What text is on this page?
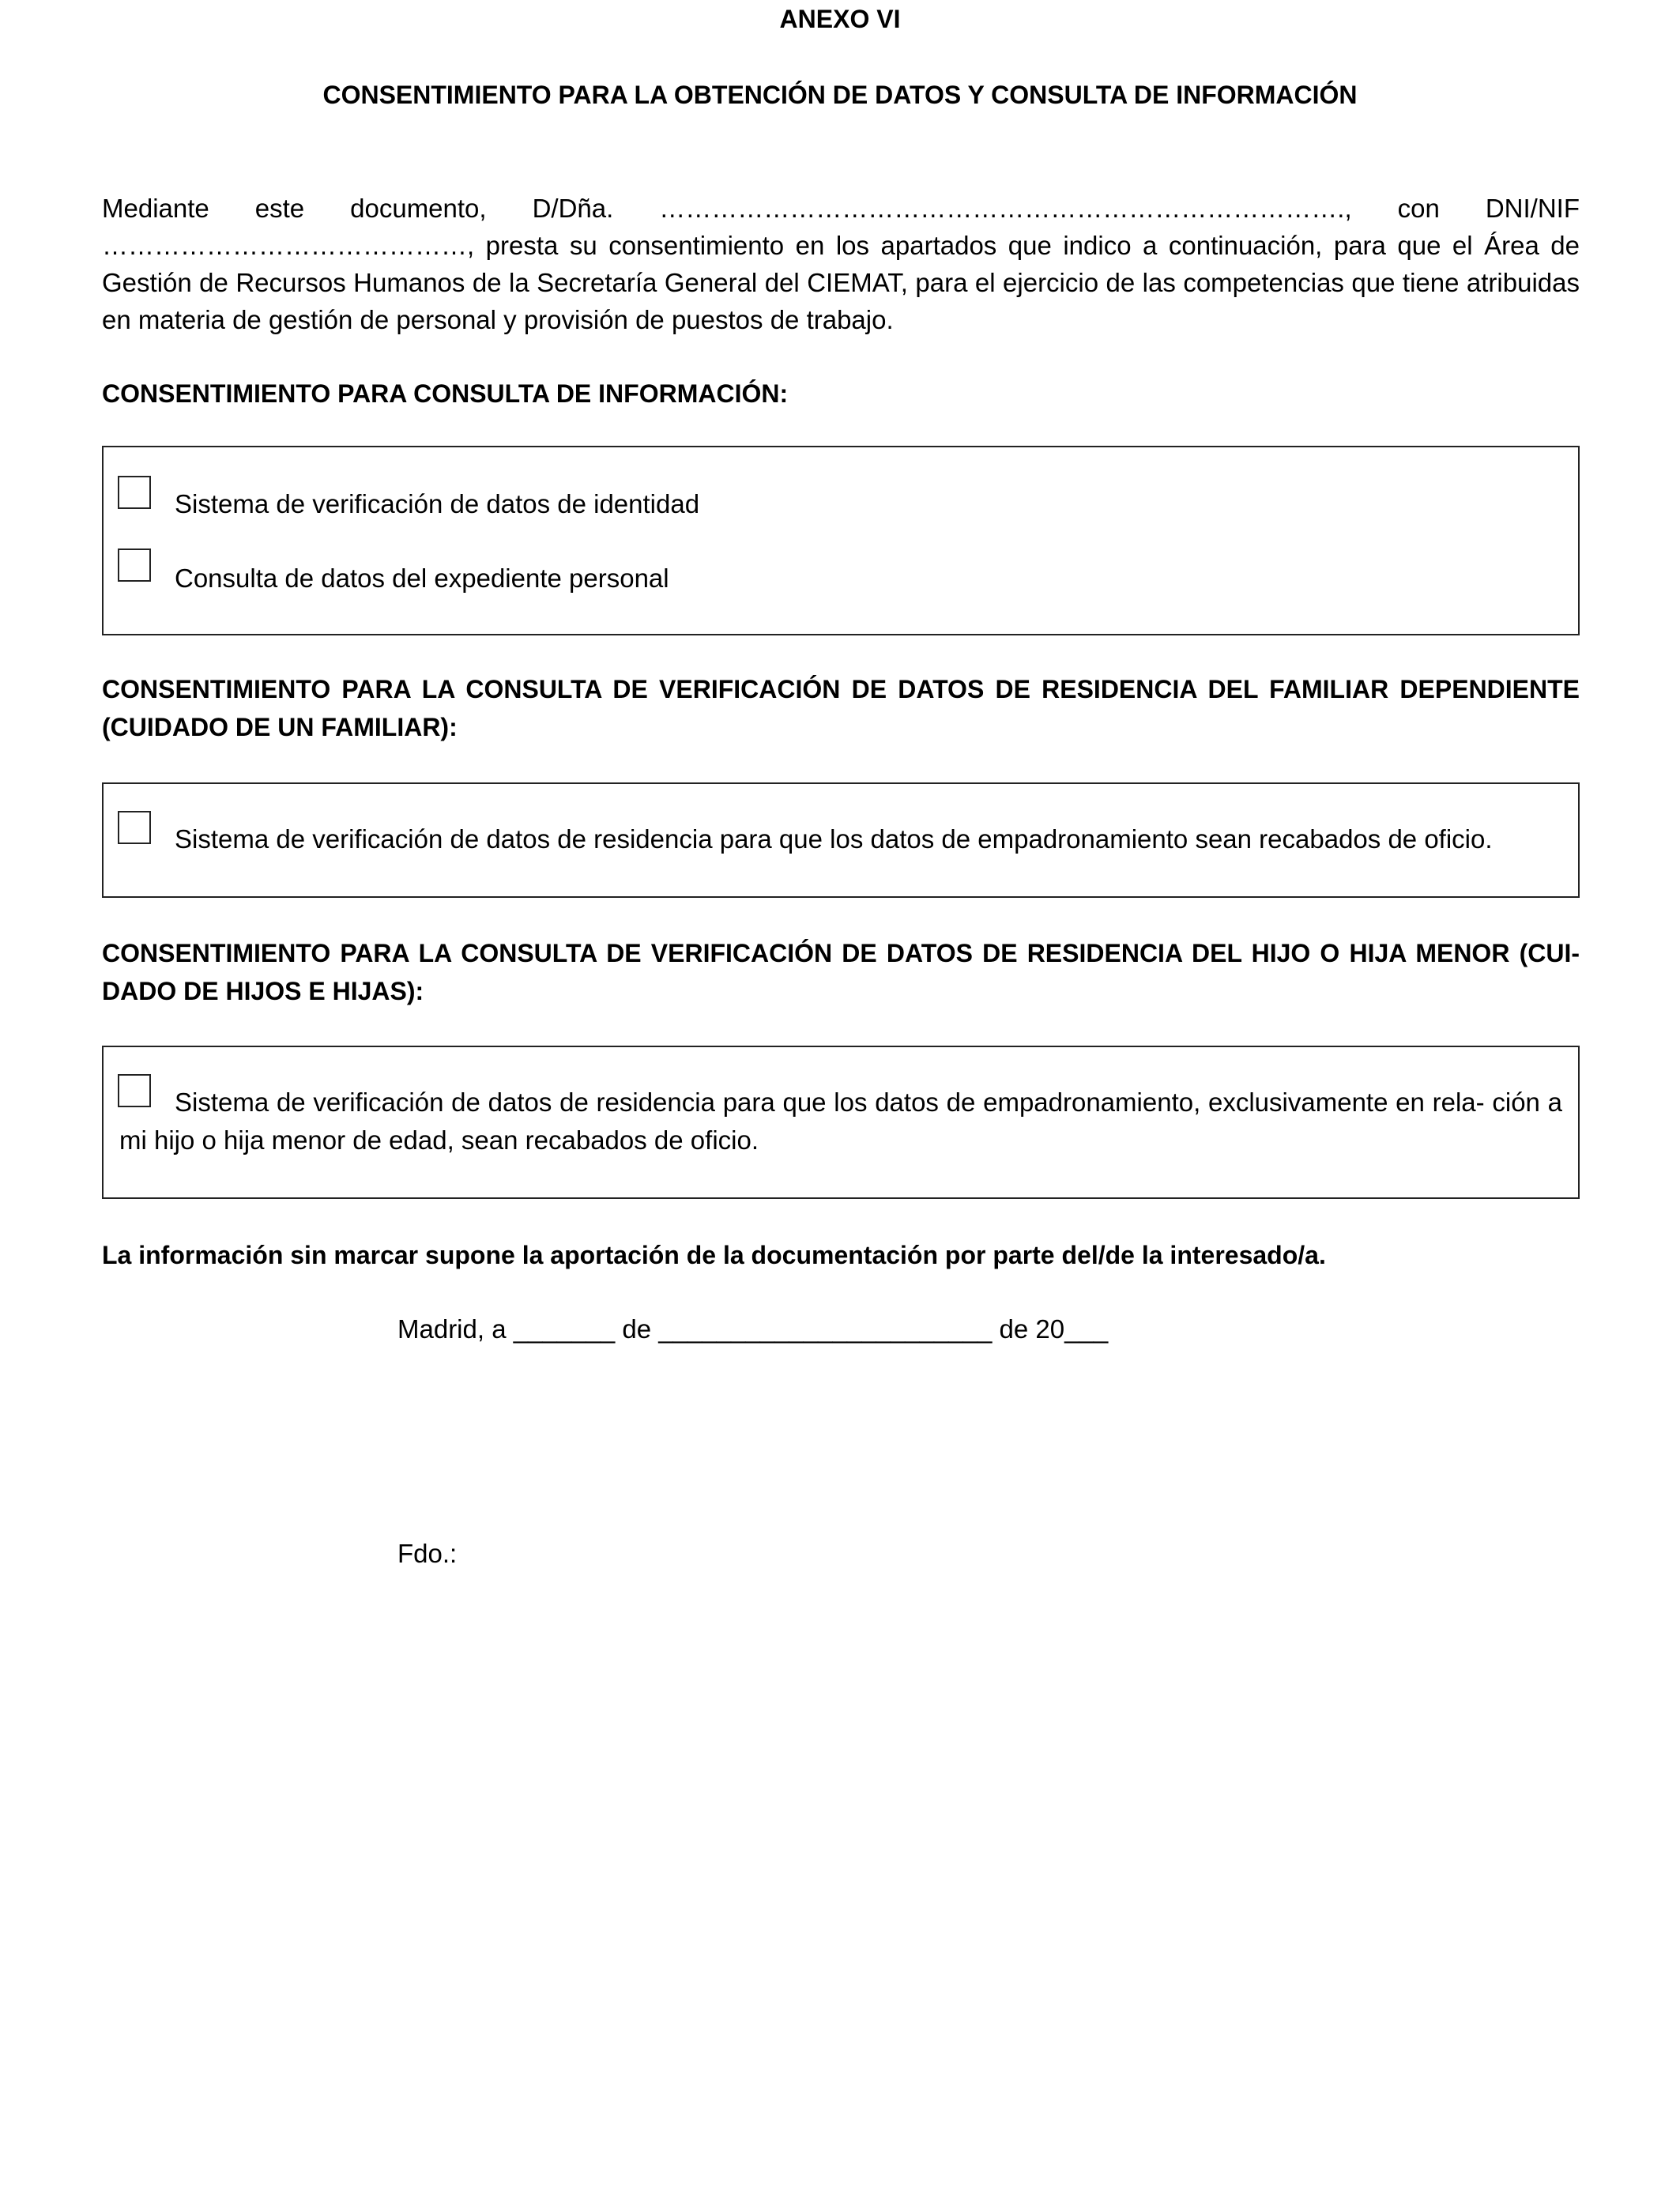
ANEXO VI
CONSENTIMIENTO PARA LA OBTENCIÓN DE DATOS Y CONSULTA DE INFORMACIÓN
Mediante este documento, D/Dña. ……………………………………………………………………., con DNI/NIF ……………………………………, presta su consentimiento en los apartados que indico a continuación, para que el Área de Gestión de Recursos Humanos de la Secretaría General del CIEMAT, para el ejercicio de las competencias que tiene atribuidas en materia de gestión de personal y provisión de puestos de trabajo.
CONSENTIMIENTO PARA CONSULTA DE INFORMACIÓN:
Sistema de verificación de datos de identidad
Consulta de datos del expediente personal
CONSENTIMIENTO PARA LA CONSULTA DE VERIFICACIÓN DE DATOS DE RESIDENCIA DEL FAMILIAR DEPENDIENTE (CUIDADO DE UN FAMILIAR):
Sistema de verificación de datos de residencia para que los datos de empadronamiento sean recabados de oficio.
CONSENTIMIENTO PARA LA CONSULTA DE VERIFICACIÓN DE DATOS DE RESIDENCIA DEL HIJO O HIJA MENOR (CUI- DADO DE HIJOS E HIJAS):
Sistema de verificación de datos de residencia para que los datos de empadronamiento, exclusivamente en rela- ción a mi hijo o hija menor de edad, sean recabados de oficio.
La información sin marcar supone la aportación de la documentación por parte del/de la interesado/a.
Madrid, a _______ de _______________________ de 20___
Fdo.:
